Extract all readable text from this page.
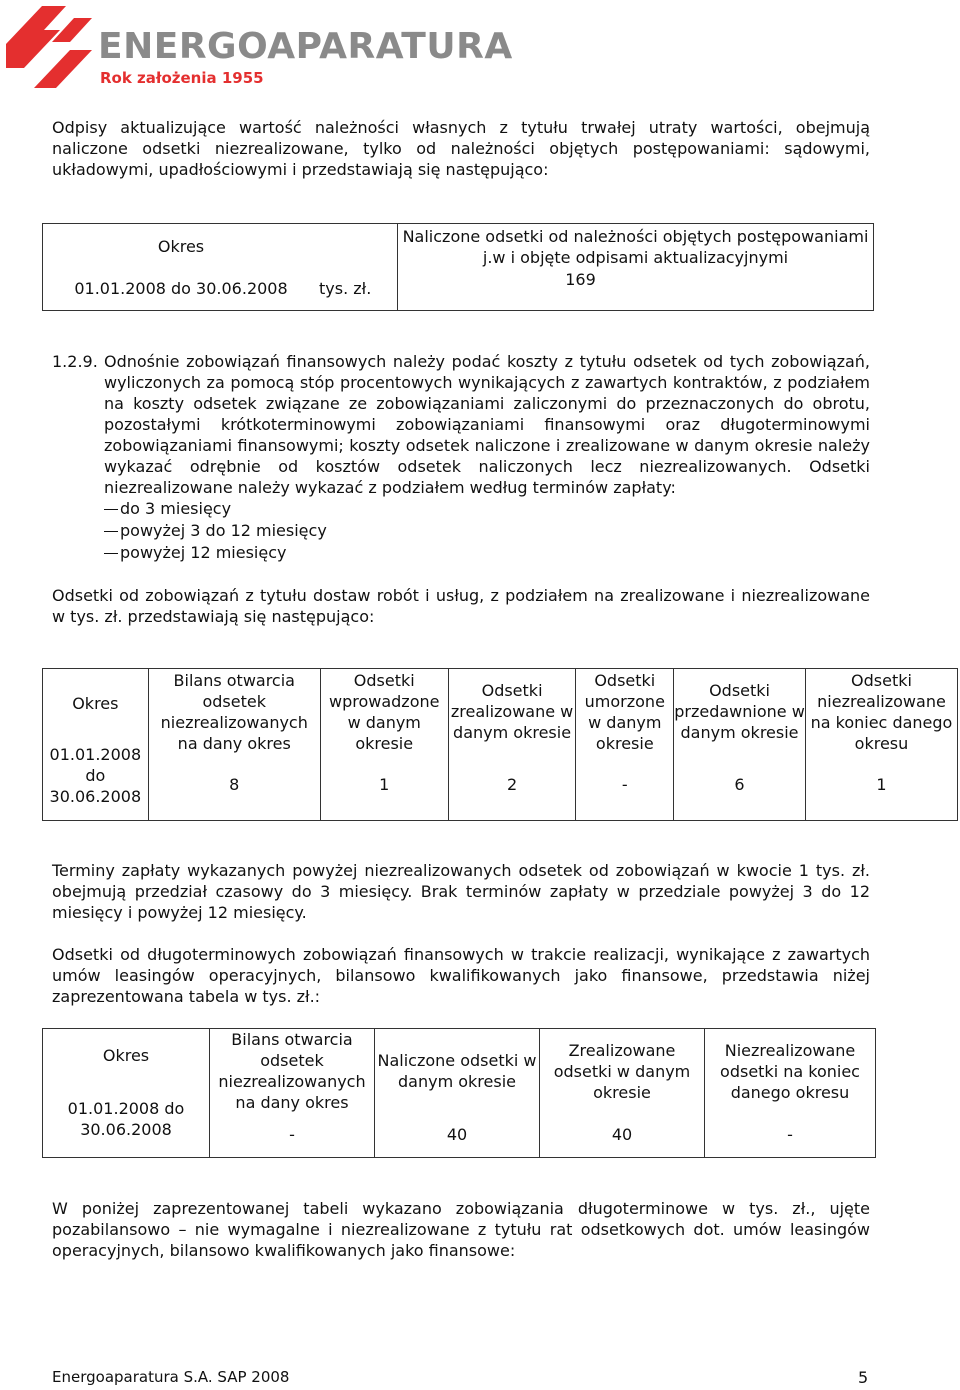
ENERGOAPARATURA
Rok założenia 1955
Odpisy aktualizujące wartość należności własnych z tytułu trwałej utraty wartości, obejmują naliczone odsetki niezrealizowane, tylko od należności objętych postępowaniami: sądowymi, układowymi, upadłościowymi i przedstawiają się następująco:
Okres		Naliczone odsetki od należności objętych postępowaniami j.w i objęte odpisami aktualizacyjnymi
01.01.2008 do 30.06.2008	tys. zł.	169
1.2.9. Odnośnie zobowiązań finansowych należy podać koszty z tytułu odsetek od tych zobowiązań, wyliczonych za pomocą stóp procentowych wynikających z zawartych kontraktów, z podziałem na koszty odsetek związane ze zobowiązaniami zaliczonymi do przeznaczonych do obrotu, pozostałymi krótkoterminowymi zobowiązaniami finansowymi oraz długoterminowymi zobowiązaniami finansowymi; koszty odsetek naliczone i zrealizowane w danym okresie należy wykazać odrębnie od kosztów odsetek naliczonych lecz niezrealizowanych. Odsetki niezrealizowane należy wykazać z podziałem według terminów zapłaty:
do 3 miesięcy
powyżej 3 do 12 miesięcy
powyżej 12 miesięcy
Odsetki od zobowiązań z tytułu dostaw robót i usług, z podziałem na zrealizowane i niezrealizowane w tys. zł. przedstawiają się następująco:
Okres
01.01.2008 do 30.06.2008	Bilans otwarcia odsetek niezrealizowanych na dany okres	Odsetki wprowadzone w danym okresie	Odsetki zrealizowane w danym okresie	Odsetki umorzone w danym okresie	Odsetki przedawnione w danym okresie	Odsetki niezrealizowane na koniec danego okresu
	8	1	2	-	6	1
Terminy zapłaty wykazanych powyżej niezrealizowanych odsetek od zobowiązań w kwocie 1 tys. zł. obejmują przedział czasowy do 3 miesięcy. Brak terminów zapłaty w przedziale powyżej 3 do 12 miesięcy i powyżej 12 miesięcy.
Odsetki od długoterminowych zobowiązań finansowych w trakcie realizacji, wynikające z zawartych umów leasingów operacyjnych, bilansowo kwalifikowanych jako finansowe, przedstawia niżej zaprezentowana tabela w tys. zł.:
Okres
01.01.2008 do 30.06.2008	Bilans otwarcia odsetek niezrealizowanych na dany okres	Naliczone odsetki w danym okresie	Zrealizowane odsetki w danym okresie	Niezrealizowane odsetki na koniec danego okresu
	-	40	40	-
W poniżej zaprezentowanej tabeli wykazano zobowiązania długoterminowe w tys. zł., ujęte pozabilansowo – nie wymagalne i niezrealizowane z tytułu rat odsetkowych dot. umów leasingów operacyjnych, bilansowo kwalifikowanych jako finansowe:
Energoaparatura S.A. SAP 2008	5
